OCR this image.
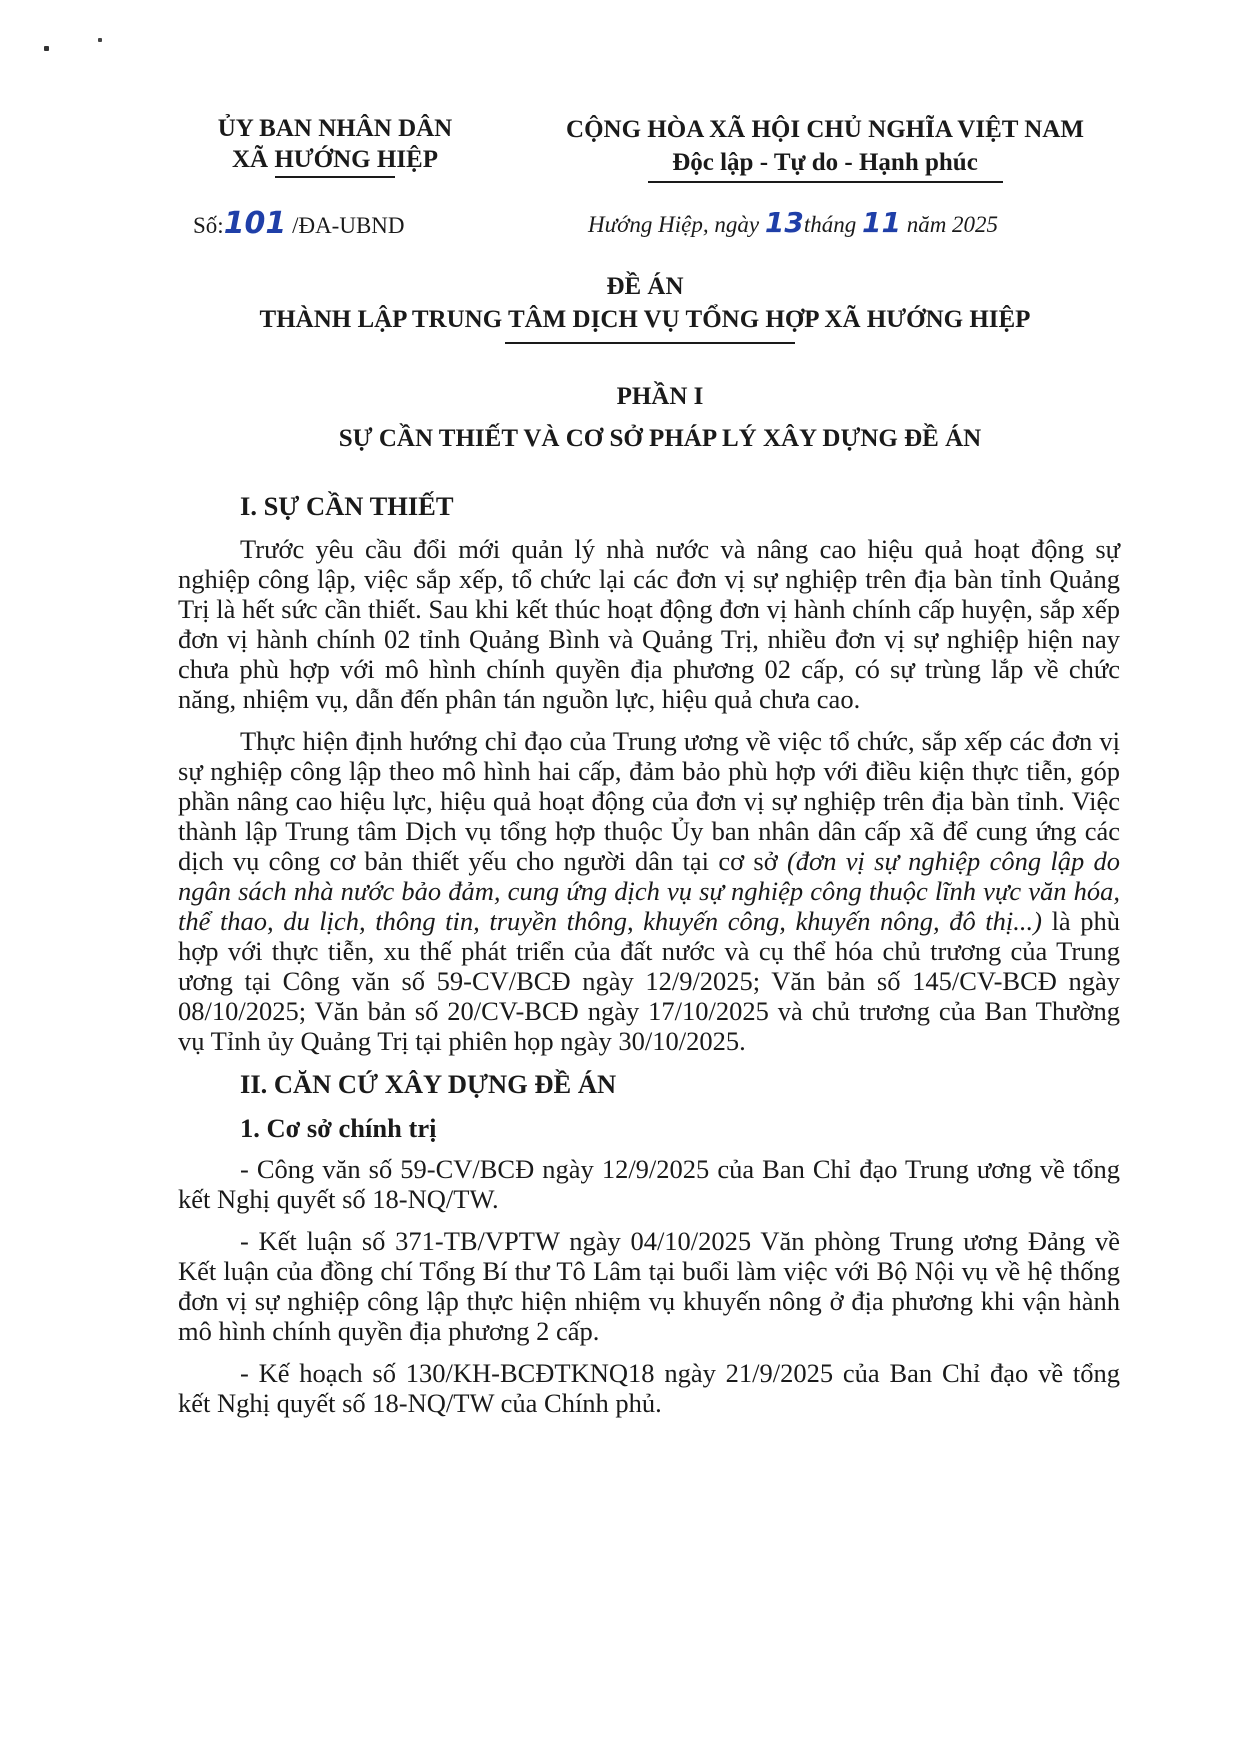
ỦY BAN NHÂN DÂN
XÃ HƯỚNG HIỆP
CỘNG HÒA XÃ HỘI CHỦ NGHĨA VIỆT NAM
Độc lập - Tự do - Hạnh phúc
Số:101 /ĐA-UBND	Hướng Hiệp, ngày 13tháng 11 năm 2025
ĐỀ ÁN
THÀNH LẬP TRUNG TÂM DỊCH VỤ TỔNG HỢP XÃ HƯỚNG HIỆP
PHẦN I
SỰ CẦN THIẾT VÀ CƠ SỞ PHÁP LÝ XÂY DỰNG ĐỀ ÁN
I. SỰ CẦN THIẾT

Trước yêu cầu đổi mới quản lý nhà nước và nâng cao hiệu quả hoạt động sự nghiệp công lập, việc sắp xếp, tổ chức lại các đơn vị sự nghiệp trên địa bàn tỉnh Quảng Trị là hết sức cần thiết. Sau khi kết thúc hoạt động đơn vị hành chính cấp huyện, sắp xếp đơn vị hành chính 02 tỉnh Quảng Bình và Quảng Trị, nhiều đơn vị sự nghiệp hiện nay chưa phù hợp với mô hình chính quyền địa phương 02 cấp, có sự trùng lắp về chức năng, nhiệm vụ, dẫn đến phân tán nguồn lực, hiệu quả chưa cao.

Thực hiện định hướng chỉ đạo của Trung ương về việc tổ chức, sắp xếp các đơn vị sự nghiệp công lập theo mô hình hai cấp, đảm bảo phù hợp với điều kiện thực tiễn, góp phần nâng cao hiệu lực, hiệu quả hoạt động của đơn vị sự nghiệp trên địa bàn tỉnh. Việc thành lập Trung tâm Dịch vụ tổng hợp thuộc Ủy ban nhân dân cấp xã để cung ứng các dịch vụ công cơ bản thiết yếu cho người dân tại cơ sở (đơn vị sự nghiệp công lập do ngân sách nhà nước bảo đảm, cung ứng dịch vụ sự nghiệp công thuộc lĩnh vực văn hóa, thể thao, du lịch, thông tin, truyền thông, khuyến công, khuyến nông, đô thị...) là phù hợp với thực tiễn, xu thế phát triển của đất nước và cụ thể hóa chủ trương của Trung ương tại Công văn số 59-CV/BCĐ ngày 12/9/2025; Văn bản số 145/CV-BCĐ ngày 08/10/2025; Văn bản số 20/CV-BCĐ ngày 17/10/2025 và chủ trương của Ban Thường vụ Tỉnh ủy Quảng Trị tại phiên họp ngày 30/10/2025.

II. CĂN CỨ XÂY DỰNG ĐỀ ÁN
1. Cơ sở chính trị

- Công văn số 59-CV/BCĐ ngày 12/9/2025 của Ban Chỉ đạo Trung ương về tổng kết Nghị quyết số 18-NQ/TW.

- Kết luận số 371-TB/VPTW ngày 04/10/2025 Văn phòng Trung ương Đảng về Kết luận của đồng chí Tổng Bí thư Tô Lâm tại buổi làm việc với Bộ Nội vụ về hệ thống đơn vị sự nghiệp công lập thực hiện nhiệm vụ khuyến nông ở địa phương khi vận hành mô hình chính quyền địa phương 2 cấp.

- Kế hoạch số 130/KH-BCĐTKNQ18 ngày 21/9/2025 của Ban Chỉ đạo về tổng kết Nghị quyết số 18-NQ/TW của Chính phủ.
